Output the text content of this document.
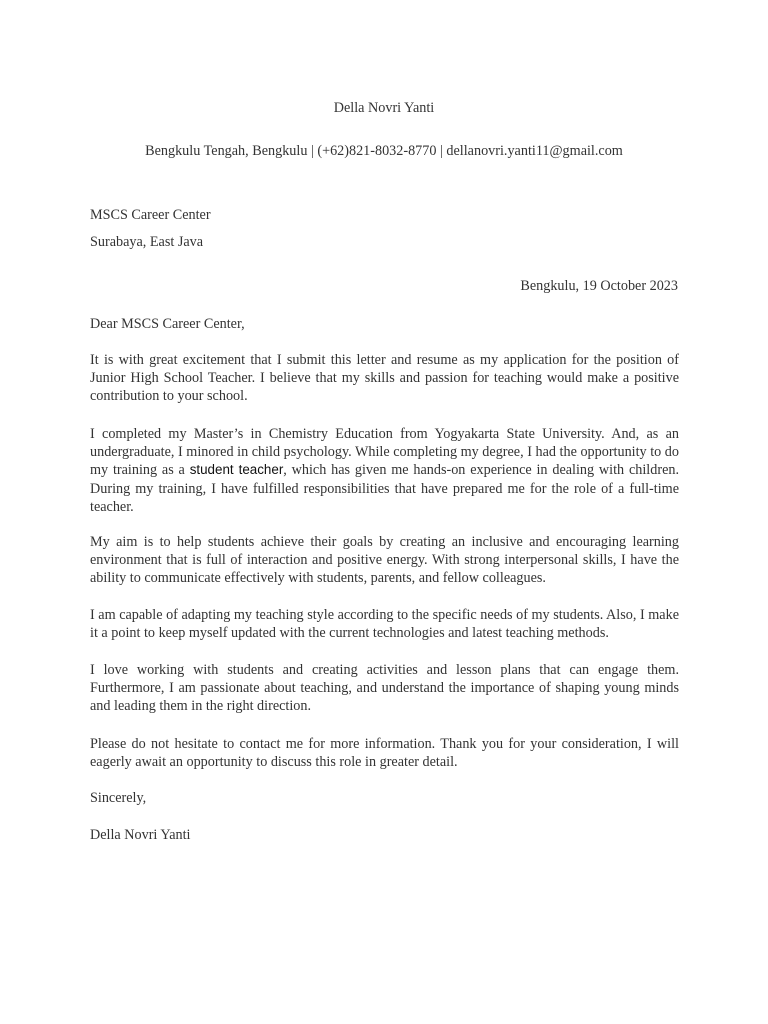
Della Novri Yanti
Bengkulu Tengah, Bengkulu | (+62)821-8032-8770 | dellanovri.yanti11@gmail.com
MSCS Career Center
Surabaya, East Java
Bengkulu, 19 October 2023
Dear MSCS Career Center,

It is with great excitement that I submit this letter and resume as my application for the position of Junior High School Teacher. I believe that my skills and passion for teaching would make a positive contribution to your school.

I completed my Master’s in Chemistry Education from Yogyakarta State University. And, as an undergraduate, I minored in child psychology. While completing my degree, I had the opportunity to do my training as a student teacher, which has given me hands-on experience in dealing with children. During my training, I have fulfilled responsibilities that have prepared me for the role of a full-time teacher.

My aim is to help students achieve their goals by creating an inclusive and encouraging learning environment that is full of interaction and positive energy. With strong interpersonal skills, I have the ability to communicate effectively with students, parents, and fellow colleagues.

I am capable of adapting my teaching style according to the specific needs of my students. Also, I make it a point to keep myself updated with the current technologies and latest teaching methods.

I love working with students and creating activities and lesson plans that can engage them. Furthermore, I am passionate about teaching, and understand the importance of shaping young minds and leading them in the right direction.

Please do not hesitate to contact me for more information. Thank you for your consideration, I will eagerly await an opportunity to discuss this role in greater detail.

Sincerely,
Della Novri Yanti
